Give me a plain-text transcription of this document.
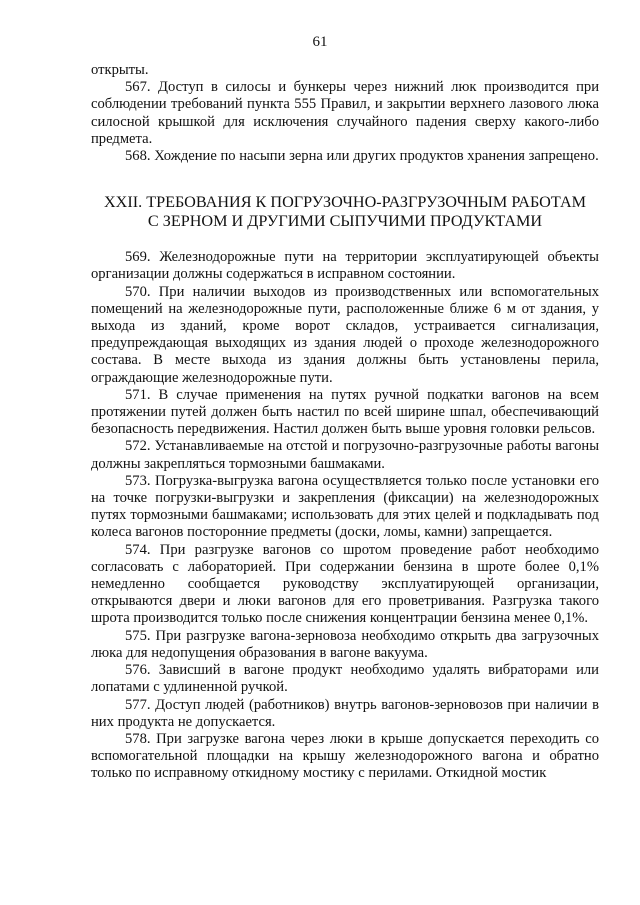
61

открыты.

567. Доступ в силосы и бункеры через нижний люк производится при соблюдении требований пункта 555 Правил, и закрытии верхнего лазового люка силосной крышкой для исключения случайного падения сверху какого-либо предмета.

568. Хождение по насыпи зерна или других продуктов хранения запрещено.

XXII. ТРЕБОВАНИЯ К ПОГРУЗОЧНО-РАЗГРУЗОЧНЫМ РАБОТАМ
С ЗЕРНОМ И ДРУГИМИ СЫПУЧИМИ ПРОДУКТАМИ

569. Железнодорожные пути на территории эксплуатирующей объекты организации должны содержаться в исправном состоянии.

570. При наличии выходов из производственных или вспомогательных помещений на железнодорожные пути, расположенные ближе 6 м от здания, у выхода из зданий, кроме ворот складов, устраивается сигнализация, предупреждающая выходящих из здания людей о проходе железнодорожного состава. В месте выхода из здания должны быть установлены перила, ограждающие железнодорожные пути.

571. В случае применения на путях ручной подкатки вагонов на всем протяжении путей должен быть настил по всей ширине шпал, обеспечивающий безопасность передвижения. Настил должен быть выше уровня головки рельсов.

572. Устанавливаемые на отстой и погрузочно-разгрузочные работы вагоны должны закрепляться тормозными башмаками.

573. Погрузка-выгрузка вагона осуществляется только после установки его на точке погрузки-выгрузки и закрепления (фиксации) на железнодорожных путях тормозными башмаками; использовать для этих целей и подкладывать под колеса вагонов посторонние предметы (доски, ломы, камни) запрещается.

574. При разгрузке вагонов со шротом проведение работ необходимо согласовать с лабораторией. При содержании бензина в шроте более 0,1% немедленно сообщается руководству эксплуатирующей организации, открываются двери и люки вагонов для его проветривания. Разгрузка такого шрота производится только после снижения концентрации бензина менее 0,1%.

575. При разгрузке вагона-зерновоза необходимо открыть два загрузочных люка для недопущения образования в вагоне вакуума.

576. Зависший в вагоне продукт необходимо удалять вибраторами или лопатами с удлиненной ручкой.

577. Доступ людей (работников) внутрь вагонов-зерновозов при наличии в них продукта не допускается.

578. При загрузке вагона через люки в крыше допускается переходить со вспомогательной площадки на крышу железнодорожного вагона и обратно только по исправному откидному мостику с перилами. Откидной мостик
